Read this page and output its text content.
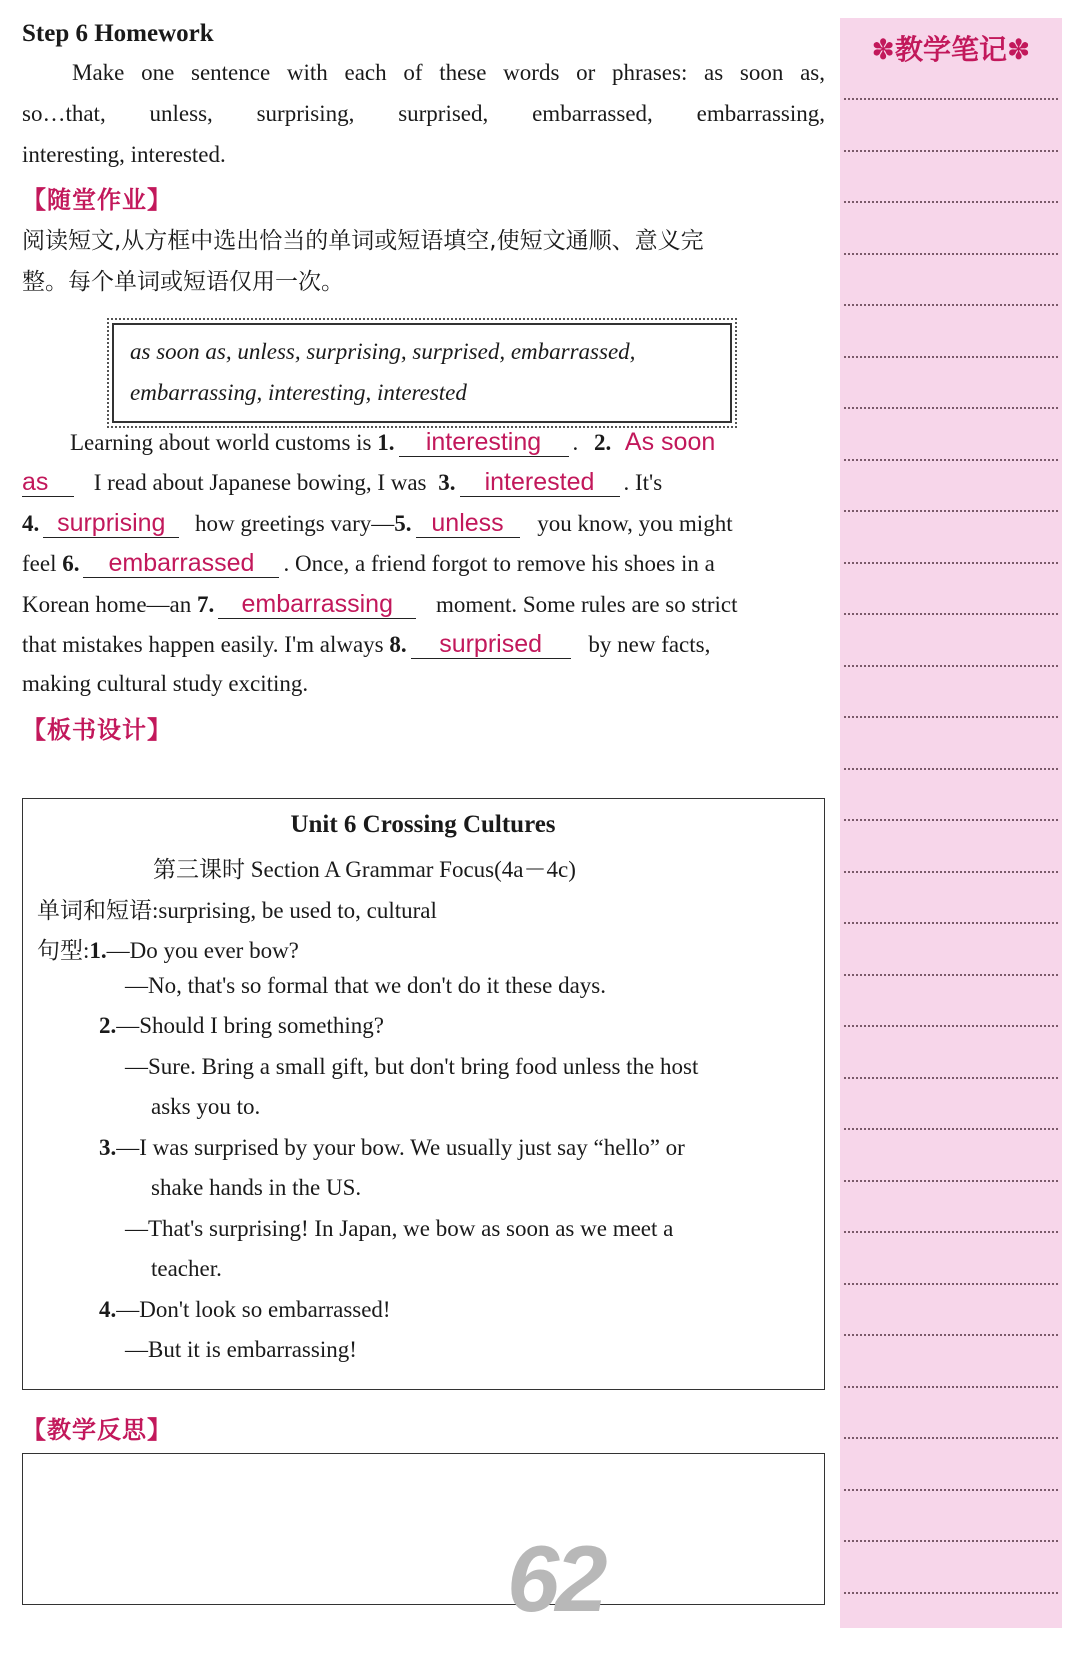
Step 6 Homework
Make one sentence with each of these words or phrases: as soon as,
so…that, unless, surprising, surprised, embarrassed, embarrassing,
interesting, interested.
【随堂作业】
阅读短文,从方框中选出恰当的单词或短语填空,使短文通顺、意义完
整。每个单词或短语仅用一次。
as soon as, unless, surprising, surprised, embarrassed,
embarrassing, interesting, interested
Learning about world customs is 1. interesting . 2. As soon
as I read about Japanese bowing, I was 3. interested . It's
4. surprising how greetings vary—5. unless you know, you might
feel 6. embarrassed . Once, a friend forgot to remove his shoes in a
Korean home—an 7. embarrassing moment. Some rules are so strict
that mistakes happen easily. I'm always 8. surprised by new facts,
making cultural study exciting.
【板书设计】
Unit 6 Crossing Cultures
第三课时 Section A Grammar Focus(4a－4c)
单词和短语:surprising, be used to, cultural
句型:1.—Do you ever bow?
—No, that's so formal that we don't do it these days.
2.—Should I bring something?
—Sure. Bring a small gift, but don't bring food unless the host
asks you to.
3.—I was surprised by your bow. We usually just say “hello” or
shake hands in the US.
—That's surprising! In Japan, we bow as soon as we meet a
teacher.
4.—Don't look so embarrassed!
—But it is embarrassing!
【教学反思】
62
✽教学笔记✽
